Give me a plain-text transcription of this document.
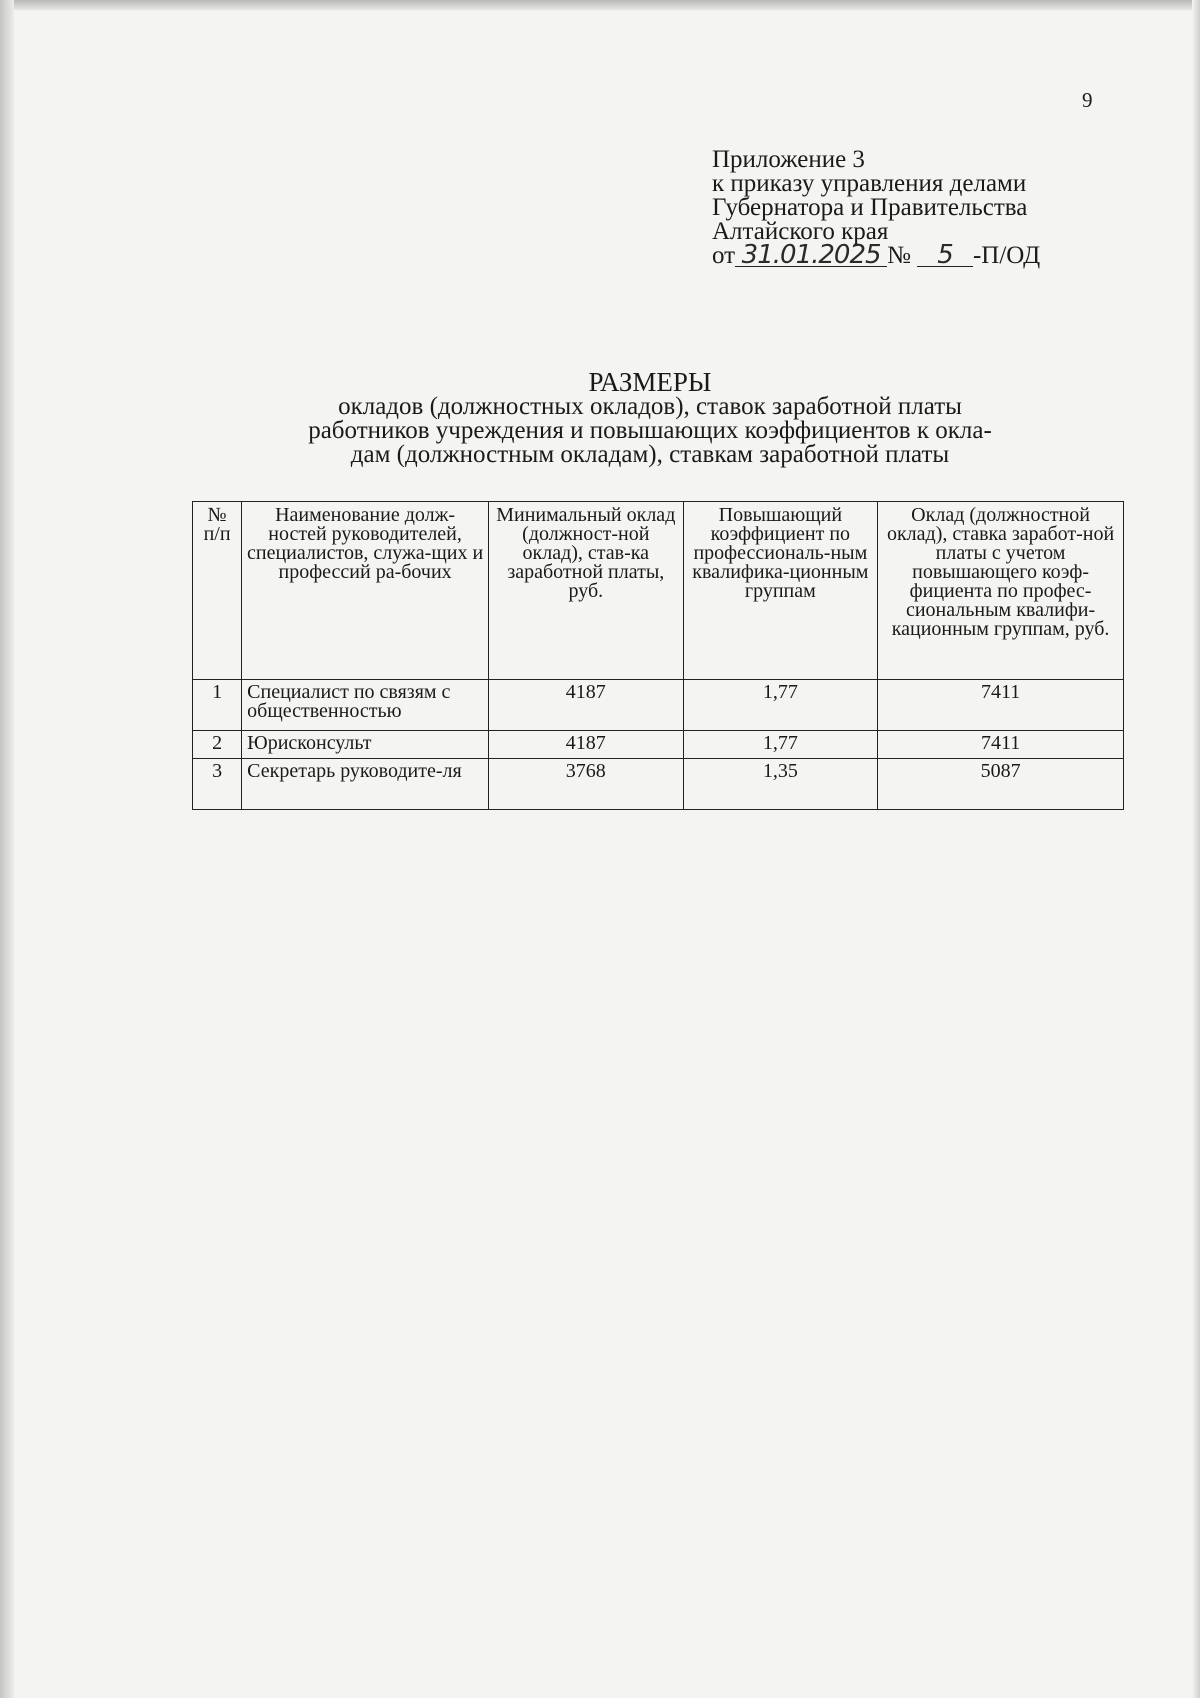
9
Приложение 3
к приказу управления делами
Губернатора и Правительства
Алтайского края
от 31.01.2025 № 5 -П/ОД
РАЗМЕРЫ
окладов (должностных окладов), ставок заработной платы
работников учреждения и повышающих коэффициентов к окла-
дам (должностным окладам), ставкам заработной платы
№ п/п	Наименование долж-ностей руководителей, специалистов, служа-щих и профессий ра-бочих	Минимальный оклад (должност-ной оклад), став-ка заработной платы, руб.	Повышающий коэффициент по профессиональ-ным квалифика-ционным группам	Оклад (должностной оклад), ставка заработ-ной платы с учетом повышающего коэф-фициента по профес-сиональным квалифи-кационным группам, руб.
1	Специалист по связям с общественностью	4187	1,77	7411
2	Юрисконсульт	4187	1,77	7411
3	Секретарь руководите-ля	3768	1,35	5087
